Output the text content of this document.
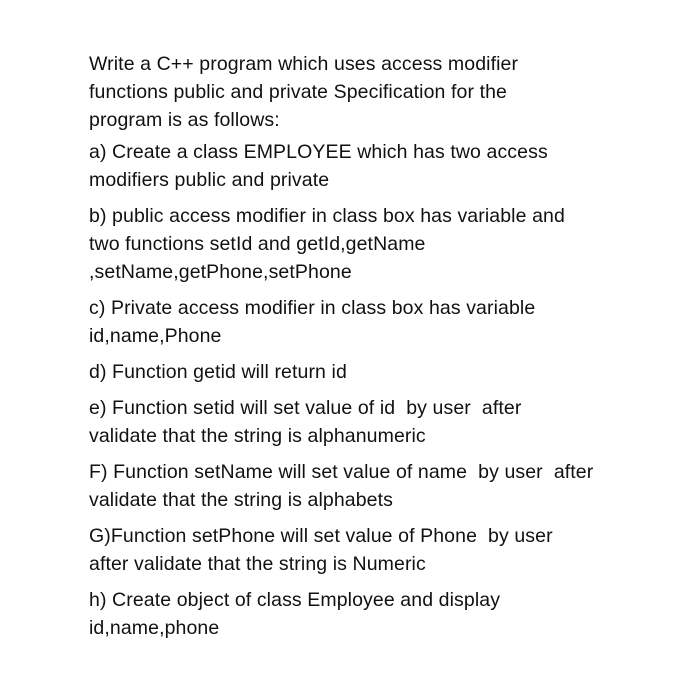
Write a C++ program which uses access modifier
functions public and private Specification for the
program is as follows:
a) Create a class EMPLOYEE which has two access
modifiers public and private
b) public access modifier in class box has variable and
two functions setId and getId,getName
,setName,getPhone,setPhone
c) Private access modifier in class box has variable
id,name,Phone
d) Function getid will return id
e) Function setid will set value of id  by user  after
validate that the string is alphanumeric
F) Function setName will set value of name  by user  after
validate that the string is alphabets
G)Function setPhone will set value of Phone  by user
after validate that the string is Numeric
h) Create object of class Employee and display
id,name,phone
